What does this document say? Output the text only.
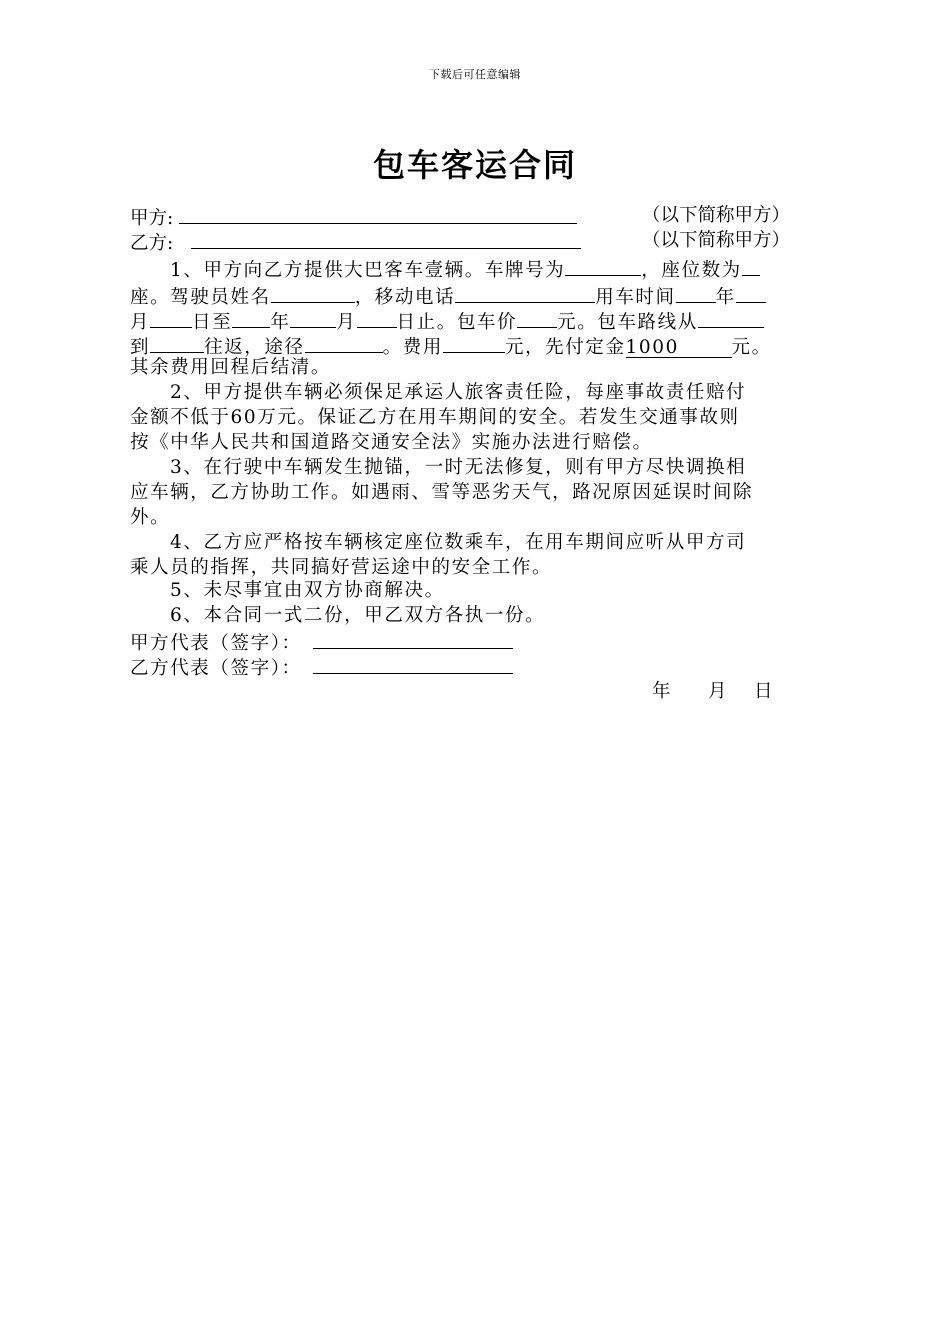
下载后可任意编辑
包车客运合同
甲方:	（以下简称甲方）
乙方:	（以下简称甲方）
1、甲方向乙方提供大巴客车壹辆。车牌号为	，座位数为
座。驾驶员姓名	，移动电话	用车时间 年
月 日至 年 月 日止。包车价 元。包车路线从
到	往返，途径	。费用	元，先付定金1000	元。
其余费用回程后结清。
2、甲方提供车辆必须保足承运人旅客责任险，每座事故责任赔付
金额不低于60万元。保证乙方在用车期间的安全。若发生交通事故则
按《中华人民共和国道路交通安全法》实施办法进行赔偿。
3、在行驶中车辆发生抛锚，一时无法修复，则有甲方尽快调换相
应车辆，乙方协助工作。如遇雨、雪等恶劣天气，路况原因延误时间除
外。
4、乙方应严格按车辆核定座位数乘车，在用车期间应听从甲方司
乘人员的指挥，共同搞好营运途中的安全工作。
5、未尽事宜由双方协商解决。
6、本合同一式二份，甲乙双方各执一份。
甲方代表（签字）：
乙方代表（签字）：
年 月 日
